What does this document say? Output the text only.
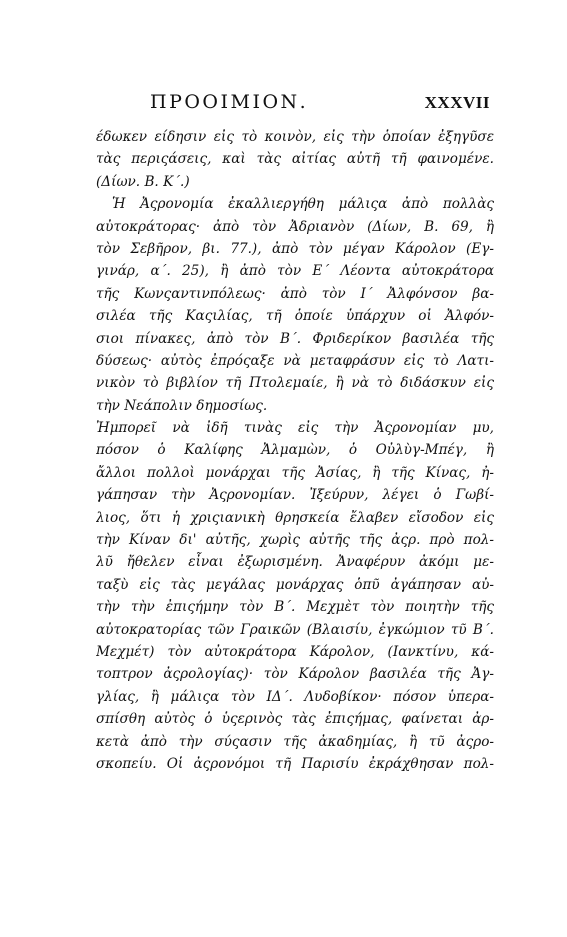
ΠΡΟΟΙΜΙΟΝ.	XXXVII
έδωκεν είδησιν εἰς τὸ κοινὸν, εἰς τὴν ὁποίαν ἐξηγῦσε
τὰς περιςάσεις, καὶ τὰς αἰτίας αὐτῆ τῆ φαινομένε.
(Δίων. Β. Κ΄.)
Ἡ Ἀςρονομία ἐκαλλιεργήθη μάλιςα ἀπὸ πολλὰς
αὐτοκράτορας· ἀπὸ τὸν Ἀδριανὸν (Δίων, Β. 69, ἢ
τὸν Σεβῆρον, βι. 77.), ἀπὸ τὸν μέγαν Κάρολον (Εγ-
γινάρ, α΄. 25), ἢ ἀπὸ τὸν Ε΄ Λέοντα αὐτοκράτορα
τῆς Κωνςαντινπόλεως· ἀπὸ τὸν Ι΄ Ἀλφόνσον βα-
σιλέα τῆς Καςιλίας, τῆ ὁποίε ὑπάρχυν οἱ Ἀλφόν-
σιοι πίνακες, ἀπὸ τὸν Β΄. Φριδερίκον βασιλέα τῆς
δύσεως· αὐτὸς ἐπρόςαξε νὰ μεταφράσυν εἰς τὸ Λατι-
νικὸν τὸ βιβλίον τῆ Πτολεμαίε, ἢ νὰ τὸ διδάσκυν εἰς
τὴν Νεάπολιν δημοσίως.
Ἠμπορεῖ νὰ ἰδῆ τινὰς εἰς τὴν Ἀςρονομίαν μυ,
πόσον ὁ Καλίφης Ἀλμαμὼν, ὁ Οὐλὺγ-Μπέγ, ἢ
ἄλλοι πολλοὶ μονάρχαι τῆς Ἀσίας, ἢ τῆς Κίνας, ἠ-
γάπησαν τὴν Ἀςρονομίαν. Ἰξεύρυν, λέγει ὁ Γωβί-
λιος, ὅτι ἡ χριςιανικὴ θρησκεία ἔλαβεν εἴσοδον εἰς
τὴν Κίναν δι' αὐτῆς, χωρὶς αὐτῆς τῆς ἀςρ. πρὸ πολ-
λῦ ἤθελεν εἶναι ἐξωρισμένη. Ἀναφέρυν ἀκόμι με-
ταξὺ εἰς τὰς μεγάλας μονάρχας ὁπῦ ἀγάπησαν αὐ-
τὴν τὴν ἐπιςήμην τὸν Β΄. Μεχμὲτ τὸν ποιητὴν τῆς
αὐτοκρατορίας τῶν Γραικῶν (Βλαισίυ, ἐγκώμιον τῦ Β΄.
Μεχμέτ) τὸν αὐτοκράτορα Κάρολον, (Ιανκτίνυ, κά-
τοπτρον ἀςρολογίας)· τὸν Κάρολον βασιλέα τῆς Ἀγ-
γλίας, ἢ μάλιςα τὸν ΙΔ΄. Λυδοβίκον· πόσον ὑπερα-
σπίσθη αὐτὸς ὁ ὑςερινὸς τὰς ἐπιςήμας, φαίνεται ἀρ-
κετὰ ἀπὸ τὴν σύςασιν τῆς ἀκαδημίας, ἢ τῦ ἀςρο-
σκοπείυ. Οἱ ἀςρονόμοι τῆ Παρισίυ ἐκράχθησαν πολ-
